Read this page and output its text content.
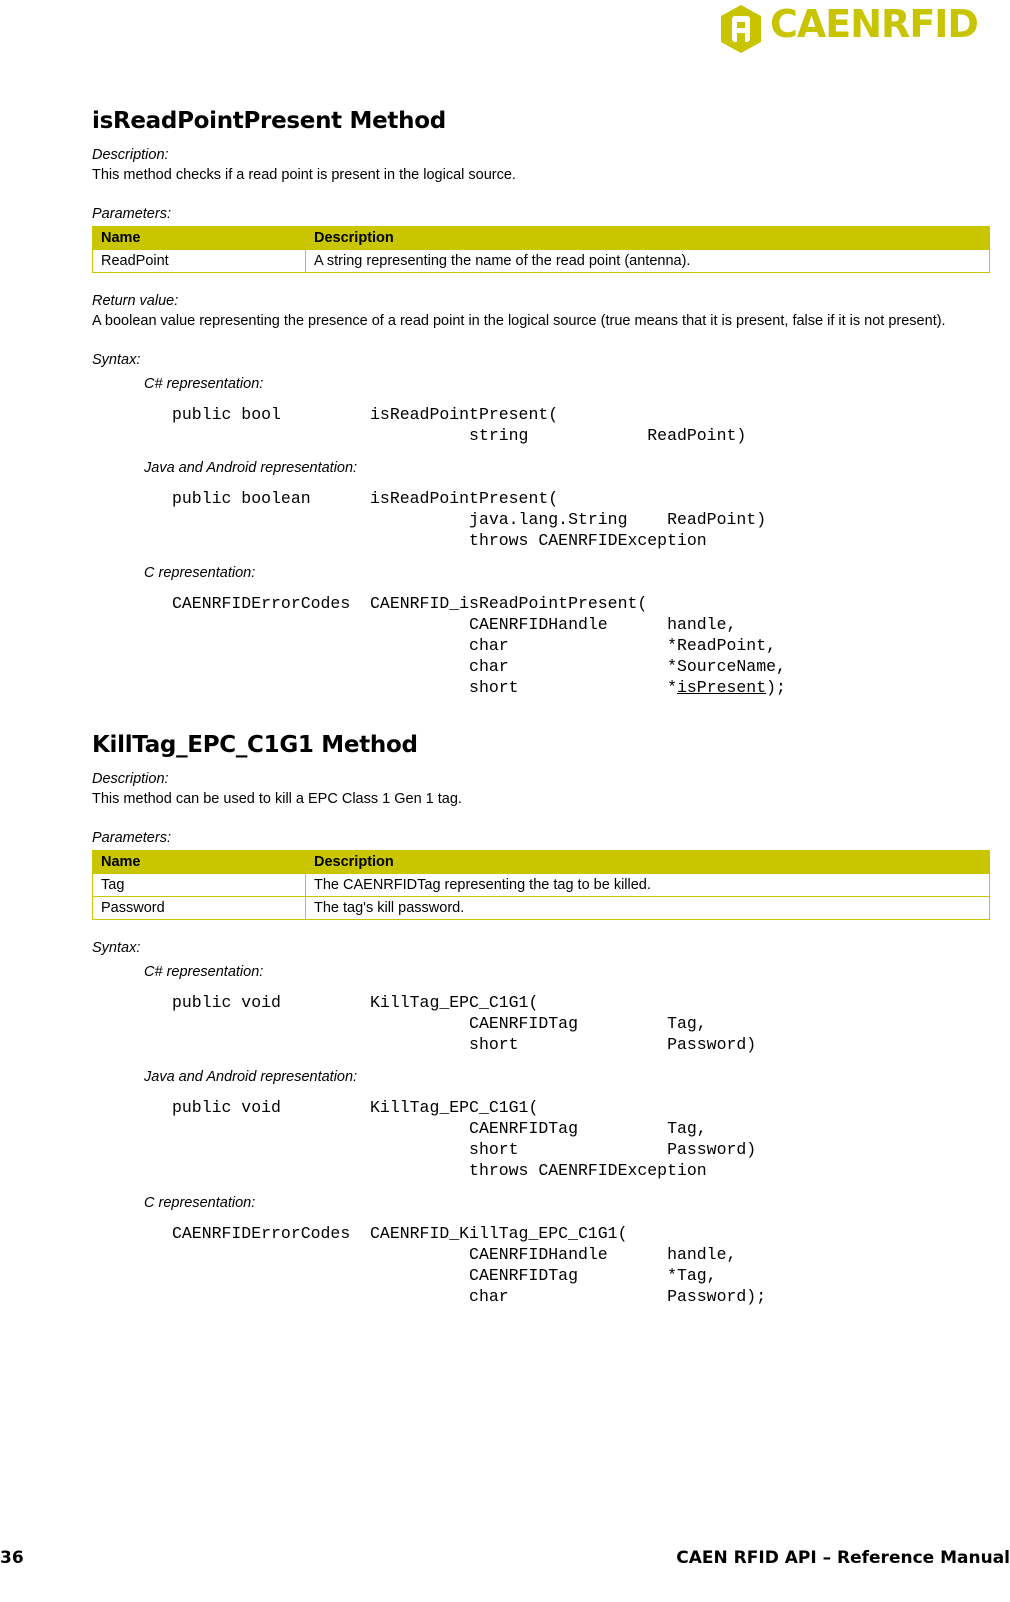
CAENRFID
isReadPointPresent Method

Description:

This method checks if a read point is present in the logical source.

Parameters:

Name	Description
ReadPoint	A string representing the name of the read point (antenna).

Return value:

A boolean value representing the presence of a read point in the logical source (true means that it is present, false if it is not present).

Syntax:

C# representation:
public bool         isReadPointPresent(
string            ReadPoint)
Java and Android representation:
public boolean      isReadPointPresent(
java.lang.String    ReadPoint)
throws CAENRFIDException
C representation:
CAENRFIDErrorCodes  CAENRFID_isReadPointPresent(
CAENRFIDHandle      handle,
char                *ReadPoint,
char                *SourceName,
short               *isPresent);
KillTag_EPC_C1G1 Method

Description:

This method can be used to kill a EPC Class 1 Gen 1 tag.

Parameters:

Name	Description
Tag	The CAENRFIDTag representing the tag to be killed.
Password	The tag's kill password.

Syntax:

C# representation:
public void         KillTag_EPC_C1G1(
CAENRFIDTag         Tag,
short               Password)
Java and Android representation:
public void         KillTag_EPC_C1G1(
CAENRFIDTag         Tag,
short               Password)
throws CAENRFIDException
C representation:
CAENRFIDErrorCodes  CAENRFID_KillTag_EPC_C1G1(
CAENRFIDHandle      handle,
CAENRFIDTag         *Tag,
char                Password);
36	CAEN RFID API – Reference Manual
